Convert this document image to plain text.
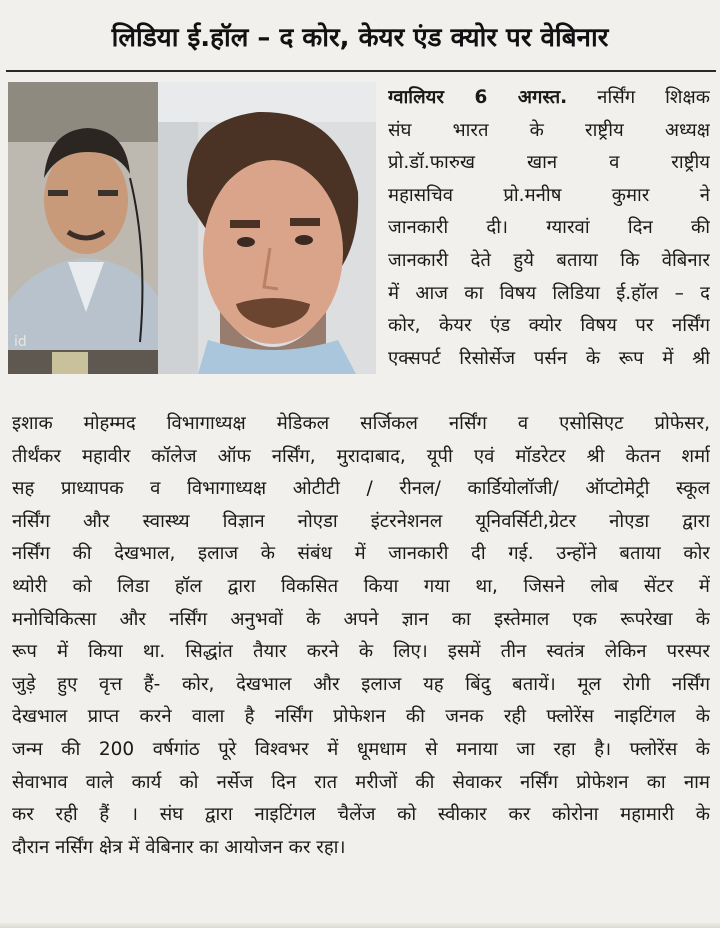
लिडिया ई.हॉल – द कोर, केयर एंड क्योर पर वेबिनार
id

ग्वालियर 6 अगस्त. नर्सिंग शिक्षक
संघ भारत के राष्ट्रीय अध्यक्ष
प्रो.डॉ.फारुख खान व राष्ट्रीय
महासचिव प्रो.मनीष कुमार ने
जानकारी दी। ग्यारवां दिन की
जानकारी देते हुये बताया कि वेबिनार
में आज का विषय लिडिया ई.हॉल – द
कोर, केयर एंड क्योर विषय पर नर्सिंग
एक्सपर्ट रिसोर्सेज पर्सन के रूप में श्री

इशाक मोहम्मद विभागाध्यक्ष मेडिकल सर्जिकल नर्सिंग व एसोसिएट प्रोफेसर,
तीर्थंकर महावीर कॉलेज ऑफ नर्सिंग, मुरादाबाद, यूपी एवं मॉडरेटर श्री केतन शर्मा
सह प्राध्यापक व विभागाध्यक्ष ओटीटी / रीनल/ कार्डियोलॉजी/ ऑप्टोमेट्री स्कूल
नर्सिंग और स्वास्थ्य विज्ञान नोएडा इंटरनेशनल यूनिवर्सिटी,ग्रेटर नोएडा द्वारा
नर्सिंग की देखभाल, इलाज के संबंध में जानकारी दी गई. उन्होंने बताया कोर
थ्योरी को लिडा हॉल द्वारा विकसित किया गया था, जिसने लोब सेंटर में
मनोचिकित्सा और नर्सिंग अनुभवों के अपने ज्ञान का इस्तेमाल एक रूपरेखा के
रूप में किया था. सिद्धांत तैयार करने के लिए। इसमें तीन स्वतंत्र लेकिन परस्पर
जुड़े हुए वृत्त हैं- कोर, देखभाल और इलाज यह बिंदु बतायें। मूल रोगी नर्सिंग
देखभाल प्राप्त करने वाला है नर्सिंग प्रोफेशन की जनक रही फ्लोरेंस नाइटिंगल के
जन्म की 200 वर्षगांठ पूरे विश्वभर में धूमधाम से मनाया जा रहा है। फ्लोरेंस के
सेवाभाव वाले कार्य को नर्सेज दिन रात मरीजों की सेवाकर नर्सिंग प्रोफेशन का नाम
कर रही हैं । संघ द्वारा नाइटिंगल चैलेंज को स्वीकार कर कोरोना महामारी के
दौरान नर्सिंग क्षेत्र में वेबिनार का आयोजन कर रहा।
